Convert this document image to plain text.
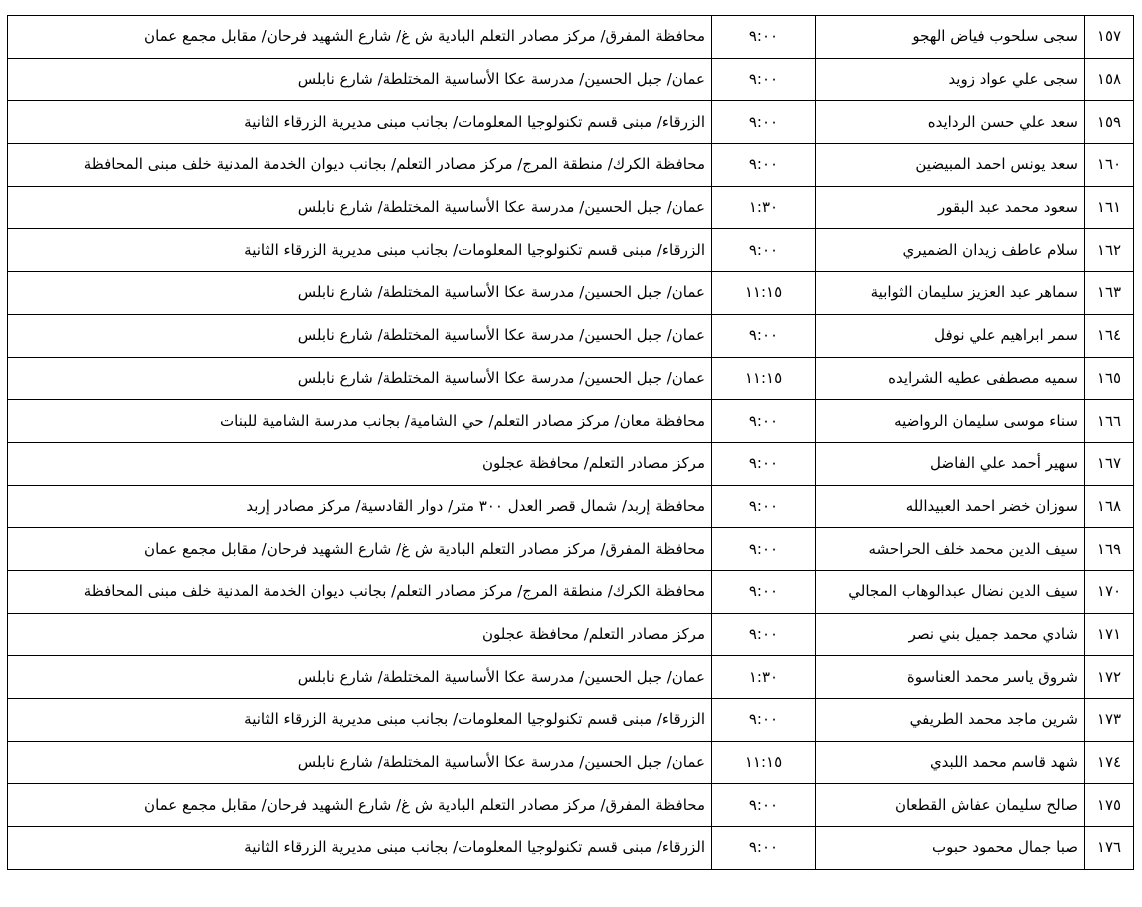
١٥٧	سجى سلحوب فياض الهجو	٩:٠٠	محافظة المفرق/ مركز مصادر التعلم البادية ش غ/ شارع الشهيد فرحان/ مقابل مجمع عمان
١٥٨	سجى علي عواد زويد	٩:٠٠	عمان/ جبل الحسين/ مدرسة عكا الأساسية المختلطة/ شارع نابلس
١٥٩	سعد علي حسن الردايده	٩:٠٠	الزرقاء/ مبنى قسم تكنولوجيا المعلومات/ بجانب مبنى مديرية الزرقاء الثانية
١٦٠	سعد يونس احمد المبيضين	٩:٠٠	محافظة الكرك/ منطقة المرج/ مركز مصادر التعلم/ بجانب ديوان الخدمة المدنية خلف مبنى المحافظة
١٦١	سعود محمد عبد البقور	١:٣٠	عمان/ جبل الحسين/ مدرسة عكا الأساسية المختلطة/ شارع نابلس
١٦٢	سلام عاطف زيدان الضميري	٩:٠٠	الزرقاء/ مبنى قسم تكنولوجيا المعلومات/ بجانب مبنى مديرية الزرقاء الثانية
١٦٣	سماهر عبد العزيز سليمان الثوابية	١١:١٥	عمان/ جبل الحسين/ مدرسة عكا الأساسية المختلطة/ شارع نابلس
١٦٤	سمر ابراهيم علي نوفل	٩:٠٠	عمان/ جبل الحسين/ مدرسة عكا الأساسية المختلطة/ شارع نابلس
١٦٥	سميه مصطفى عطيه الشرايده	١١:١٥	عمان/ جبل الحسين/ مدرسة عكا الأساسية المختلطة/ شارع نابلس
١٦٦	سناء موسى سليمان الرواضيه	٩:٠٠	محافظة معان/ مركز مصادر التعلم/ حي الشامية/ بجانب مدرسة الشامية للبنات
١٦٧	سهير أحمد علي الفاضل	٩:٠٠	مركز مصادر التعلم/ محافظة عجلون
١٦٨	سوزان خضر احمد العبيدالله	٩:٠٠	محافظة إربد/ شمال قصر العدل ٣٠٠ متر/ دوار القادسية/ مركز مصادر إربد
١٦٩	سيف الدين محمد خلف الحراحشه	٩:٠٠	محافظة المفرق/ مركز مصادر التعلم البادية ش غ/ شارع الشهيد فرحان/ مقابل مجمع عمان
١٧٠	سيف الدين نضال عبدالوهاب المجالي	٩:٠٠	محافظة الكرك/ منطقة المرج/ مركز مصادر التعلم/ بجانب ديوان الخدمة المدنية خلف مبنى المحافظة
١٧١	شادي محمد جميل بني نصر	٩:٠٠	مركز مصادر التعلم/ محافظة عجلون
١٧٢	شروق ياسر محمد العناسوة	١:٣٠	عمان/ جبل الحسين/ مدرسة عكا الأساسية المختلطة/ شارع نابلس
١٧٣	شرين ماجد محمد الطريفي	٩:٠٠	الزرقاء/ مبنى قسم تكنولوجيا المعلومات/ بجانب مبنى مديرية الزرقاء الثانية
١٧٤	شهد قاسم محمد اللبدي	١١:١٥	عمان/ جبل الحسين/ مدرسة عكا الأساسية المختلطة/ شارع نابلس
١٧٥	صالح سليمان عفاش القطعان	٩:٠٠	محافظة المفرق/ مركز مصادر التعلم البادية ش غ/ شارع الشهيد فرحان/ مقابل مجمع عمان
١٧٦	صبا جمال محمود حبوب	٩:٠٠	الزرقاء/ مبنى قسم تكنولوجيا المعلومات/ بجانب مبنى مديرية الزرقاء الثانية
